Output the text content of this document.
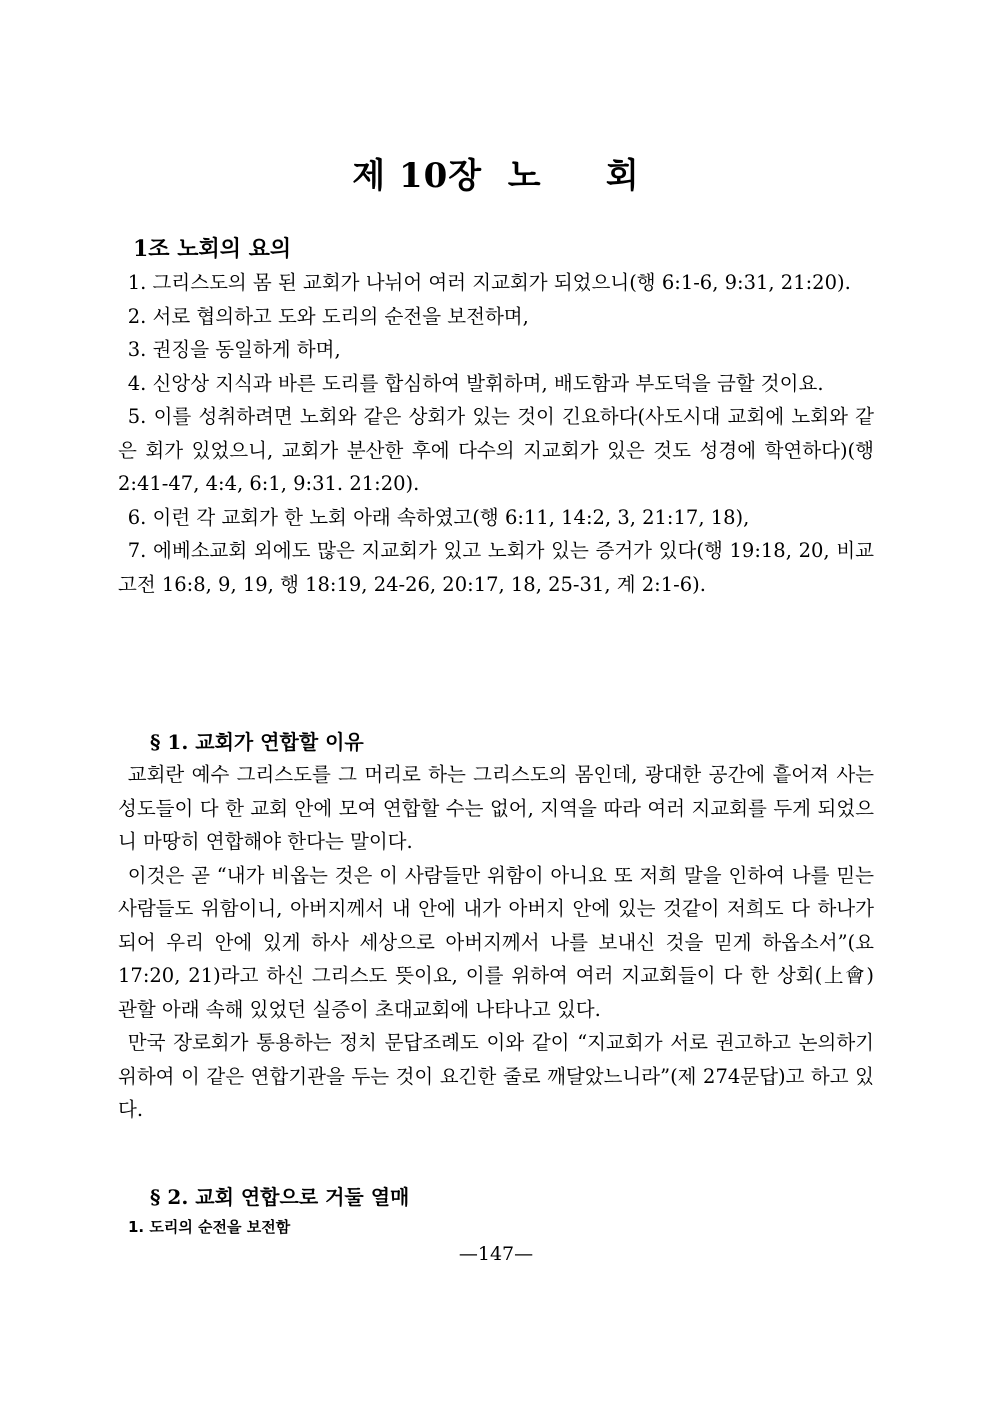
제 10장  노     회
1조 노회의 요의

1. 그리스도의 몸 된 교회가 나뉘어 여러 지교회가 되었으니(행 6:1-6, 9:31, 21:20).

2. 서로 협의하고 도와 도리의 순전을 보전하며,

3. 권징을 동일하게 하며,

4. 신앙상 지식과 바른 도리를 합심하여 발휘하며, 배도함과 부도덕을 금할 것이요.

5. 이를 성취하려면 노회와 같은 상회가 있는 것이 긴요하다(사도시대 교회에 노회와 같은 회가 있었으니, 교회가 분산한 후에 다수의 지교회가 있은 것도 성경에 학연하다)(행 2:41-47, 4:4, 6:1, 9:31. 21:20).

6. 이런 각 교회가 한 노회 아래 속하였고(행 6:11, 14:2, 3, 21:17, 18),

7. 에베소교회 외에도 많은 지교회가 있고 노회가 있는 증거가 있다(행 19:18, 20, 비교 고전 16:8, 9, 19, 행 18:19, 24-26, 20:17, 18, 25-31, 계 2:1-6).

§ 1. 교회가 연합할 이유

교회란 예수 그리스도를 그 머리로 하는 그리스도의 몸인데, 광대한 공간에 흩어져 사는 성도들이 다 한 교회 안에 모여 연합할 수는 없어, 지역을 따라 여러 지교회를 두게 되었으니 마땅히 연합해야 한다는 말이다.

이것은 곧 “내가 비옵는 것은 이 사람들만 위함이 아니요 또 저희 말을 인하여 나를 믿는 사람들도 위함이니, 아버지께서 내 안에 내가 아버지 안에 있는 것같이 저희도 다 하나가 되어 우리 안에 있게 하사 세상으로 아버지께서 나를 보내신 것을 믿게 하옵소서”(요 17:20, 21)라고 하신 그리스도 뜻이요, 이를 위하여 여러 지교회들이 다 한 상회(上會) 관할 아래 속해 있었던 실증이 초대교회에 나타나고 있다.

만국 장로회가 통용하는 정치 문답조례도 이와 같이 “지교회가 서로 권고하고 논의하기 위하여 이 같은 연합기관을 두는 것이 요긴한 줄로 깨달았느니라”(제 274문답)고 하고 있다.

§ 2. 교회 연합으로 거둘 열매
1. 도리의 순전을 보전함
—147—
